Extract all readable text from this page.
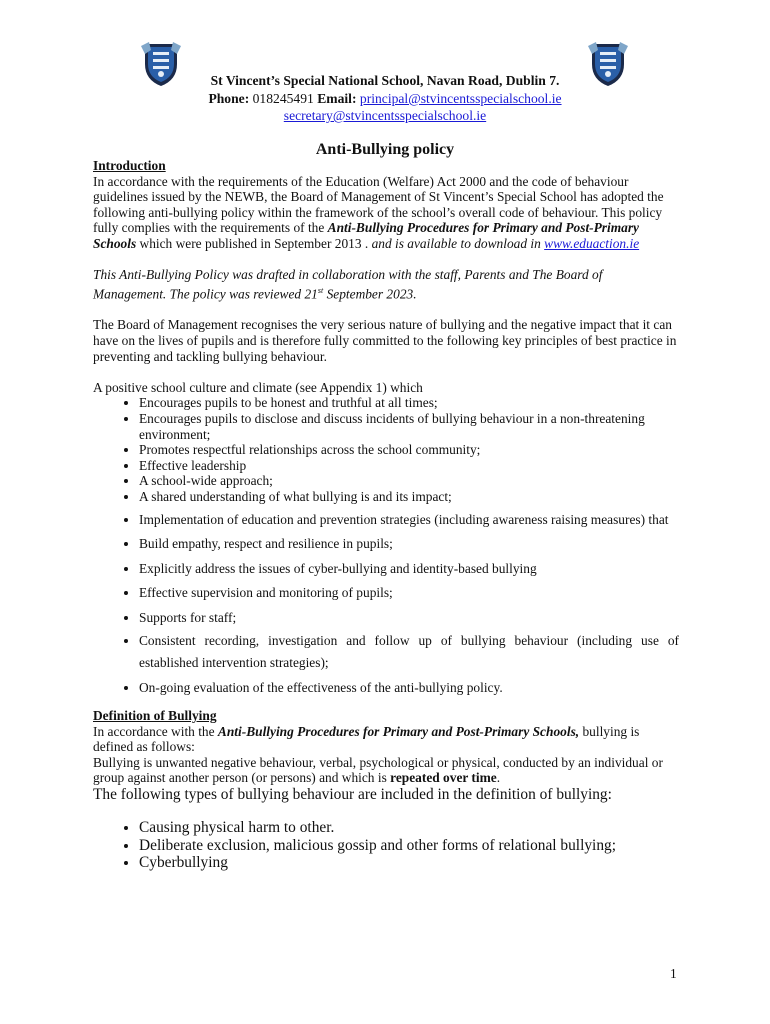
St Vincent’s Special National School, Navan Road, Dublin 7.
Phone: 018245491 Email: principal@stvincentsspecialschool.ie
secretary@stvincentsspecialschool.ie
Anti-Bullying policy

Introduction

In accordance with the requirements of the Education (Welfare) Act 2000 and the code of behaviour guidelines issued by the NEWB, the Board of Management of St Vincent’s Special School has adopted the following anti-bullying policy within the framework of the school’s overall code of behaviour. This policy fully complies with the requirements of the Anti-Bullying Procedures for Primary and Post-Primary Schools which were published in September 2013 . and is available to download in www.eduaction.ie

This Anti-Bullying Policy was drafted in collaboration with the staff, Parents and The Board of Management. The policy was reviewed 21st September 2023.

The Board of Management recognises the very serious nature of bullying and the negative impact that it can have on the lives of pupils and is therefore fully committed to the following key principles of best practice in preventing and tackling bullying behaviour.

A positive school culture and climate (see Appendix 1) which

• Encourages pupils to be honest and truthful at all times;
• Encourages pupils to disclose and discuss incidents of bullying behaviour in a non-threatening environment;
• Promotes respectful relationships across the school community;
• Effective leadership
• A school-wide approach;
• A shared understanding of what bullying is and its impact;
• Implementation of education and prevention strategies (including awareness raising measures) that
• Build empathy, respect and resilience in pupils;
• Explicitly address the issues of cyber-bullying and identity-based bullying
• Effective supervision and monitoring of pupils;
• Supports for staff;
• Consistent recording, investigation and follow up of bullying behaviour (including use of established intervention strategies);
• On-going evaluation of the effectiveness of the anti-bullying policy.

Definition of Bullying

In accordance with the Anti-Bullying Procedures for Primary and Post-Primary Schools, bullying is defined as follows:

Bullying is unwanted negative behaviour, verbal, psychological or physical, conducted by an individual or group against another person (or persons) and which is repeated over time.

The following types of bullying behaviour are included in the definition of bullying:

• Causing physical harm to other.
• Deliberate exclusion, malicious gossip and other forms of relational bullying;
• Cyberbullying
1
